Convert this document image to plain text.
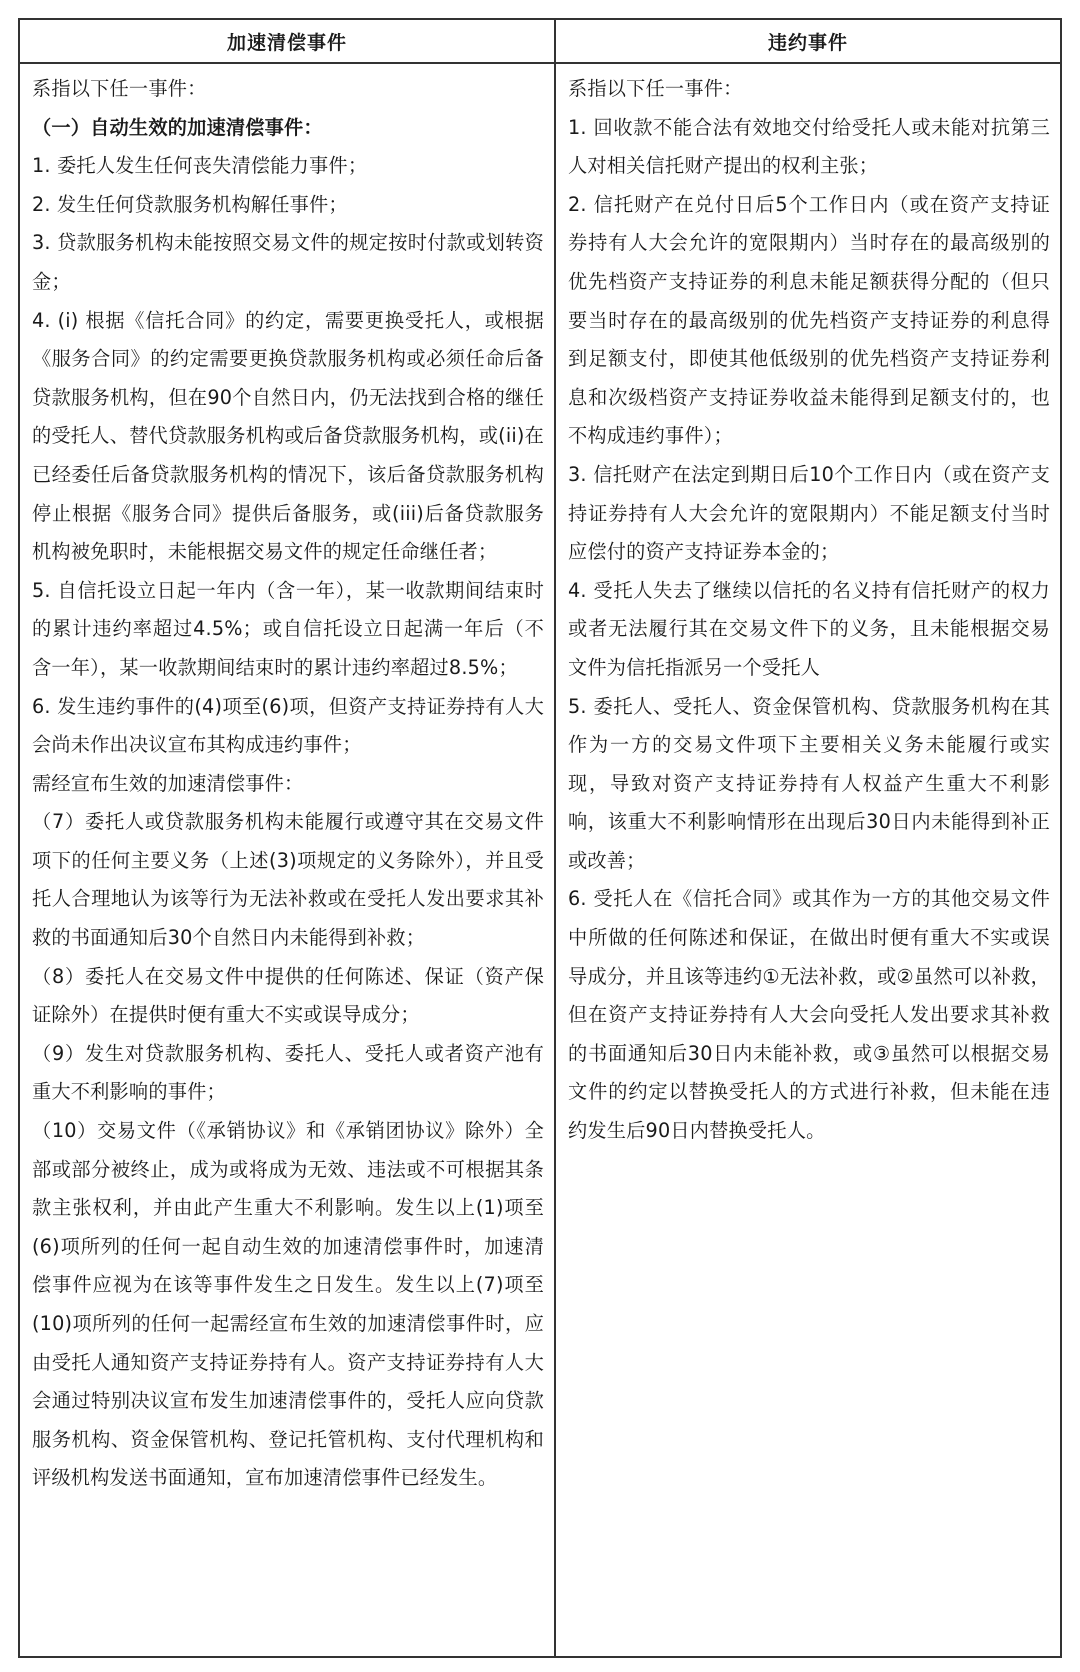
加速清偿事件	违约事件

系指以下任一事件：

（一）自动生效的加速清偿事件：

1. 委托人发生任何丧失清偿能力事件；

2. 发生任何贷款服务机构解任事件；

3. 贷款服务机构未能按照交易文件的规定按时付款或划转资金；

4. (i) 根据《信托合同》的约定，需要更换受托人，或根据《服务合同》的约定需要更换贷款服务机构或必须任命后备贷款服务机构，但在90个自然日内，仍无法找到合格的继任的受托人、替代贷款服务机构或后备贷款服务机构，或(ii)在已经委任后备贷款服务机构的情况下，该后备贷款服务机构停止根据《服务合同》提供后备服务，或(iii)后备贷款服务机构被免职时，未能根据交易文件的规定任命继任者；

5. 自信托设立日起一年内（含一年），某一收款期间结束时的累计违约率超过4.5%；或自信托设立日起满一年后（不含一年），某一收款期间结束时的累计违约率超过8.5%；

6. 发生违约事件的(4)项至(6)项，但资产支持证券持有人大会尚未作出决议宣布其构成违约事件；

需经宣布生效的加速清偿事件：

（7）委托人或贷款服务机构未能履行或遵守其在交易文件项下的任何主要义务（上述(3)项规定的义务除外），并且受托人合理地认为该等行为无法补救或在受托人发出要求其补救的书面通知后30个自然日内未能得到补救；

（8）委托人在交易文件中提供的任何陈述、保证（资产保证除外）在提供时便有重大不实或误导成分；

（9）发生对贷款服务机构、委托人、受托人或者资产池有重大不利影响的事件；

（10）交易文件（《承销协议》和《承销团协议》除外）全部或部分被终止，成为或将成为无效、违法或不可根据其条款主张权利，并由此产生重大不利影响。发生以上(1)项至(6)项所列的任何一起自动生效的加速清偿事件时，加速清偿事件应视为在该等事件发生之日发生。发生以上(7)项至(10)项所列的任何一起需经宣布生效的加速清偿事件时，应由受托人通知资产支持证券持有人。资产支持证券持有人大会通过特别决议宣布发生加速清偿事件的，受托人应向贷款服务机构、资金保管机构、登记托管机构、支付代理机构和评级机构发送书面通知，宣布加速清偿事件已经发生。

系指以下任一事件：

1. 回收款不能合法有效地交付给受托人或未能对抗第三人对相关信托财产提出的权利主张；

2. 信托财产在兑付日后5个工作日内（或在资产支持证券持有人大会允许的宽限期内）当时存在的最高级别的优先档资产支持证券的利息未能足额获得分配的（但只要当时存在的最高级别的优先档资产支持证券的利息得到足额支付，即使其他低级别的优先档资产支持证券利息和次级档资产支持证券收益未能得到足额支付的，也不构成违约事件）；

3. 信托财产在法定到期日后10个工作日内（或在资产支持证券持有人大会允许的宽限期内）不能足额支付当时应偿付的资产支持证券本金的；

4. 受托人失去了继续以信托的名义持有信托财产的权力或者无法履行其在交易文件下的义务，且未能根据交易文件为信托指派另一个受托人

5. 委托人、受托人、资金保管机构、贷款服务机构在其作为一方的交易文件项下主要相关义务未能履行或实现，导致对资产支持证券持有人权益产生重大不利影响，该重大不利影响情形在出现后30日内未能得到补正或改善；

6. 受托人在《信托合同》或其作为一方的其他交易文件中所做的任何陈述和保证，在做出时便有重大不实或误导成分，并且该等违约①无法补救，或②虽然可以补救，但在资产支持证券持有人大会向受托人发出要求其补救的书面通知后30日内未能补救，或③虽然可以根据交易文件的约定以替换受托人的方式进行补救，但未能在违约发生后90日内替换受托人。
